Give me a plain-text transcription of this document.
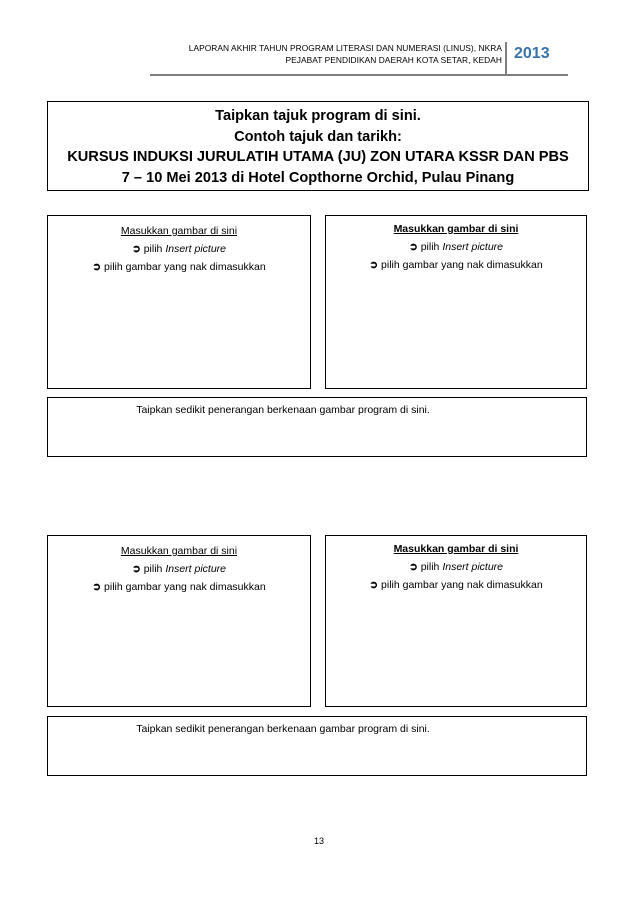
LAPORAN AKHIR TAHUN PROGRAM LITERASI DAN NUMERASI (LINUS), NKRA
PEJABAT PENDIDIKAN DAERAH KOTA SETAR, KEDAH 2013
Taipkan tajuk program di sini.
Contoh tajuk dan tarikh:
KURSUS INDUKSI JURULATIH UTAMA (JU) ZON UTARA KSSR DAN PBS
7 – 10 Mei 2013 di Hotel Copthorne Orchid, Pulau Pinang
Masukkan gambar di sini
➲ pilih Insert picture
➲ pilih gambar yang nak dimasukkan
Masukkan gambar di sini
➲ pilih Insert picture
➲ pilih gambar yang nak dimasukkan
Taipkan sedikit penerangan berkenaan gambar program di sini.
Masukkan gambar di sini
➲ pilih Insert picture
➲ pilih gambar yang nak dimasukkan
Masukkan gambar di sini
➲ pilih Insert picture
➲ pilih gambar yang nak dimasukkan
Taipkan sedikit penerangan berkenaan gambar program di sini.
13
